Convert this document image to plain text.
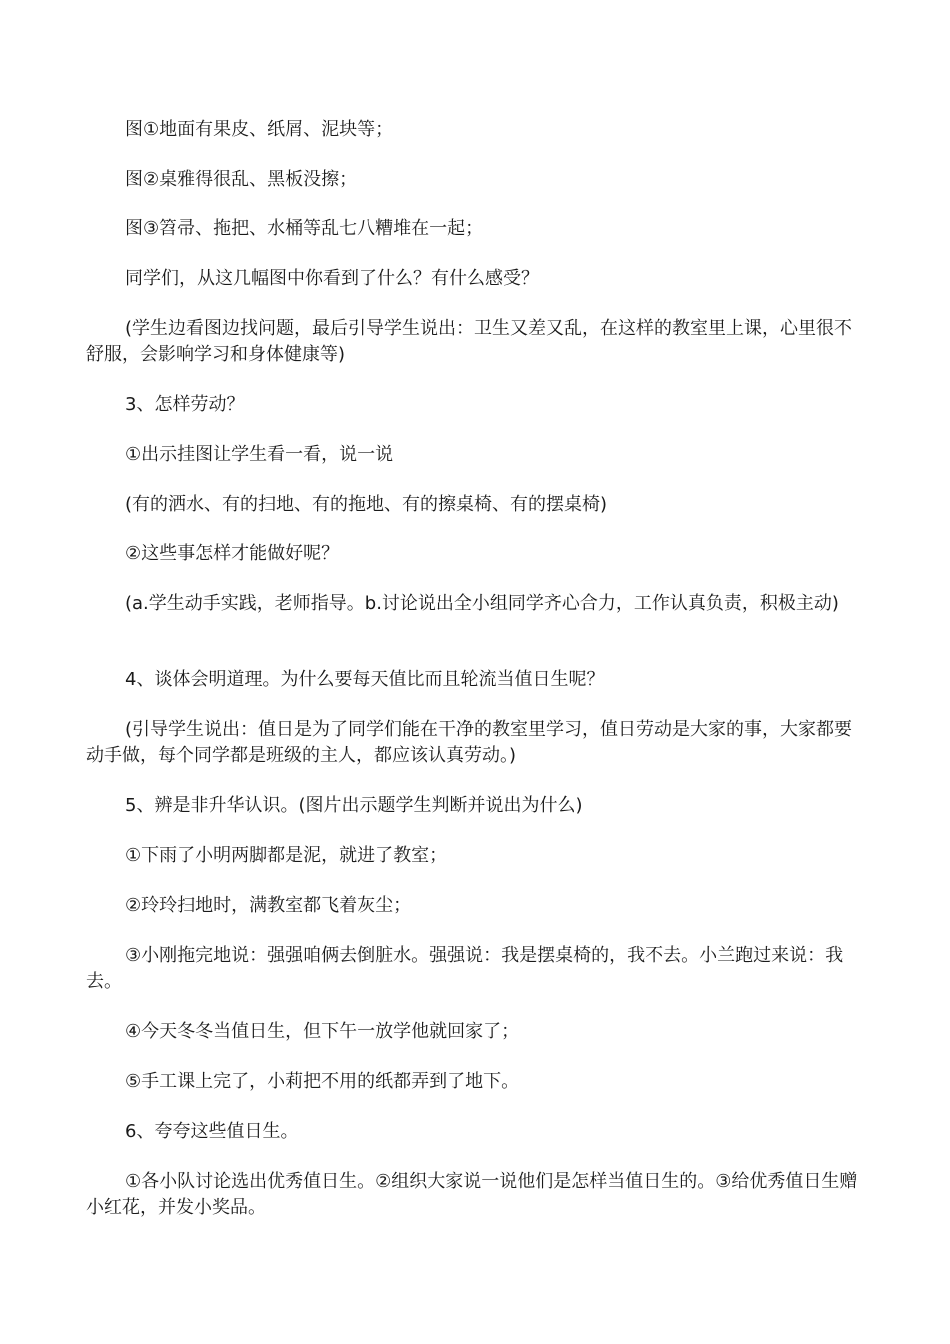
图①地面有果皮、纸屑、泥块等；

图②桌雅得很乱、黑板没擦；

图③笤帚、拖把、水桶等乱七八糟堆在一起；

同学们，从这几幅图中你看到了什么？有什么感受？

(学生边看图边找问题，最后引导学生说出：卫生又差又乱，在这样的教室里上课，心里很不舒服，会影响学习和身体健康等)

3、怎样劳动？

①出示挂图让学生看一看，说一说

(有的洒水、有的扫地、有的拖地、有的擦桌椅、有的摆桌椅)

②这些事怎样才能做好呢？

(a.学生动手实践，老师指导。b.讨论说出全小组同学齐心合力，工作认真负责，积极主动)

4、谈体会明道理。为什么要每天值比而且轮流当值日生呢？

(引导学生说出：值日是为了同学们能在干净的教室里学习，值日劳动是大家的事，大家都要动手做，每个同学都是班级的主人，都应该认真劳动。)

5、辨是非升华认识。(图片出示题学生判断并说出为什么)

①下雨了小明两脚都是泥，就进了教室；

②玲玲扫地时，满教室都飞着灰尘；

③小刚拖完地说：强强咱俩去倒脏水。强强说：我是摆桌椅的，我不去。小兰跑过来说：我去。

④今天冬冬当值日生，但下午一放学他就回家了；

⑤手工课上完了，小莉把不用的纸都弄到了地下。

6、夸夸这些值日生。

①各小队讨论选出优秀值日生。②组织大家说一说他们是怎样当值日生的。③给优秀值日生赠小红花，并发小奖品。
